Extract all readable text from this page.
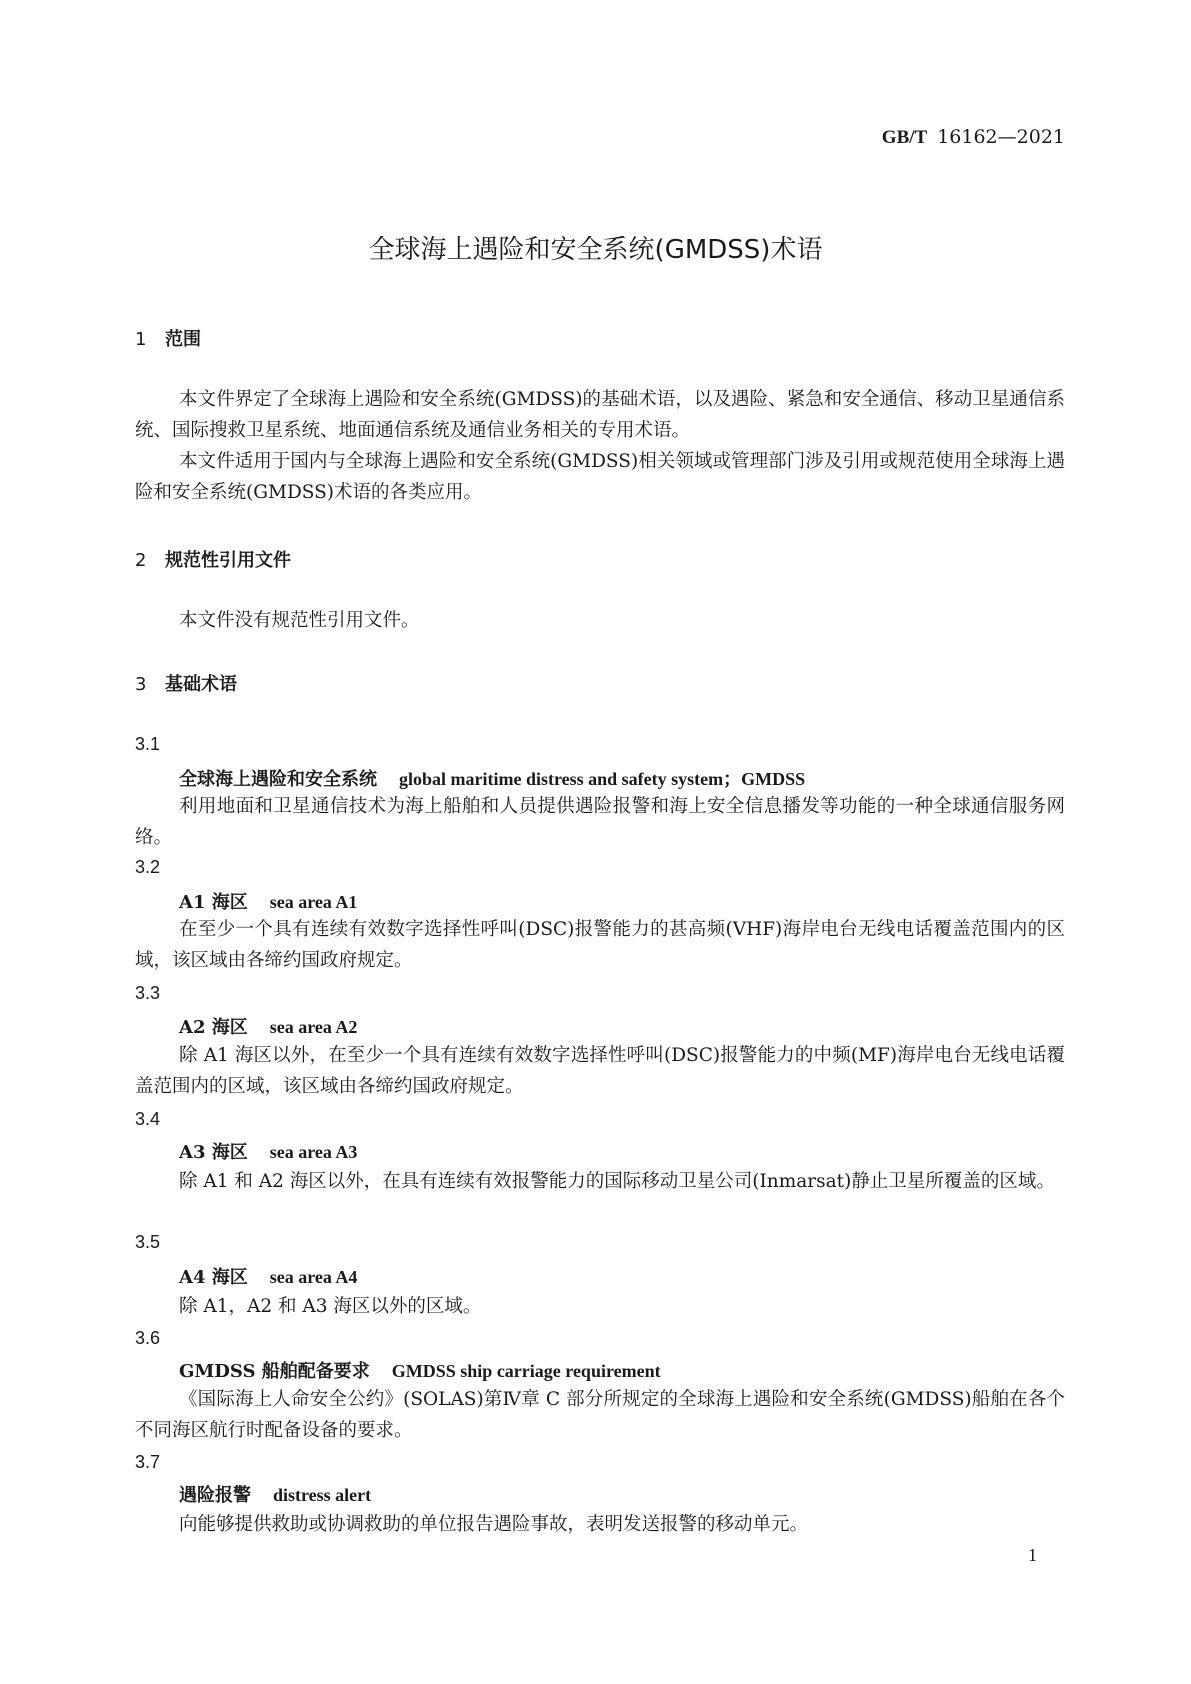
GB/T 16162—2021
全球海上遇险和安全系统(GMDSS)术语
1 范围
本文件界定了全球海上遇险和安全系统(GMDSS)的基础术语，以及遇险、紧急和安全通信、移动卫星通信系统、国际搜救卫星系统、地面通信系统及通信业务相关的专用术语。
本文件适用于国内与全球海上遇险和安全系统(GMDSS)相关领域或管理部门涉及引用或规范使用全球海上遇险和安全系统(GMDSS)术语的各类应用。
2 规范性引用文件
本文件没有规范性引用文件。
3 基础术语
3.1
全球海上遇险和安全系统 global maritime distress and safety system；GMDSS
利用地面和卫星通信技术为海上船舶和人员提供遇险报警和海上安全信息播发等功能的一种全球通信服务网络。
3.2
A1 海区 sea area A1
在至少一个具有连续有效数字选择性呼叫(DSC)报警能力的甚高频(VHF)海岸电台无线电话覆盖范围内的区域，该区域由各缔约国政府规定。
3.3
A2 海区 sea area A2
除 A1 海区以外，在至少一个具有连续有效数字选择性呼叫(DSC)报警能力的中频(MF)海岸电台无线电话覆盖范围内的区域，该区域由各缔约国政府规定。
3.4
A3 海区 sea area A3
除 A1 和 A2 海区以外，在具有连续有效报警能力的国际移动卫星公司(Inmarsat)静止卫星所覆盖的区域。
3.5
A4 海区 sea area A4
除 A1，A2 和 A3 海区以外的区域。
3.6
GMDSS 船舶配备要求 GMDSS ship carriage requirement
《国际海上人命安全公约》(SOLAS)第Ⅳ章 C 部分所规定的全球海上遇险和安全系统(GMDSS)船舶在各个不同海区航行时配备设备的要求。
3.7
遇险报警 distress alert
向能够提供救助或协调救助的单位报告遇险事故，表明发送报警的移动单元。
1
